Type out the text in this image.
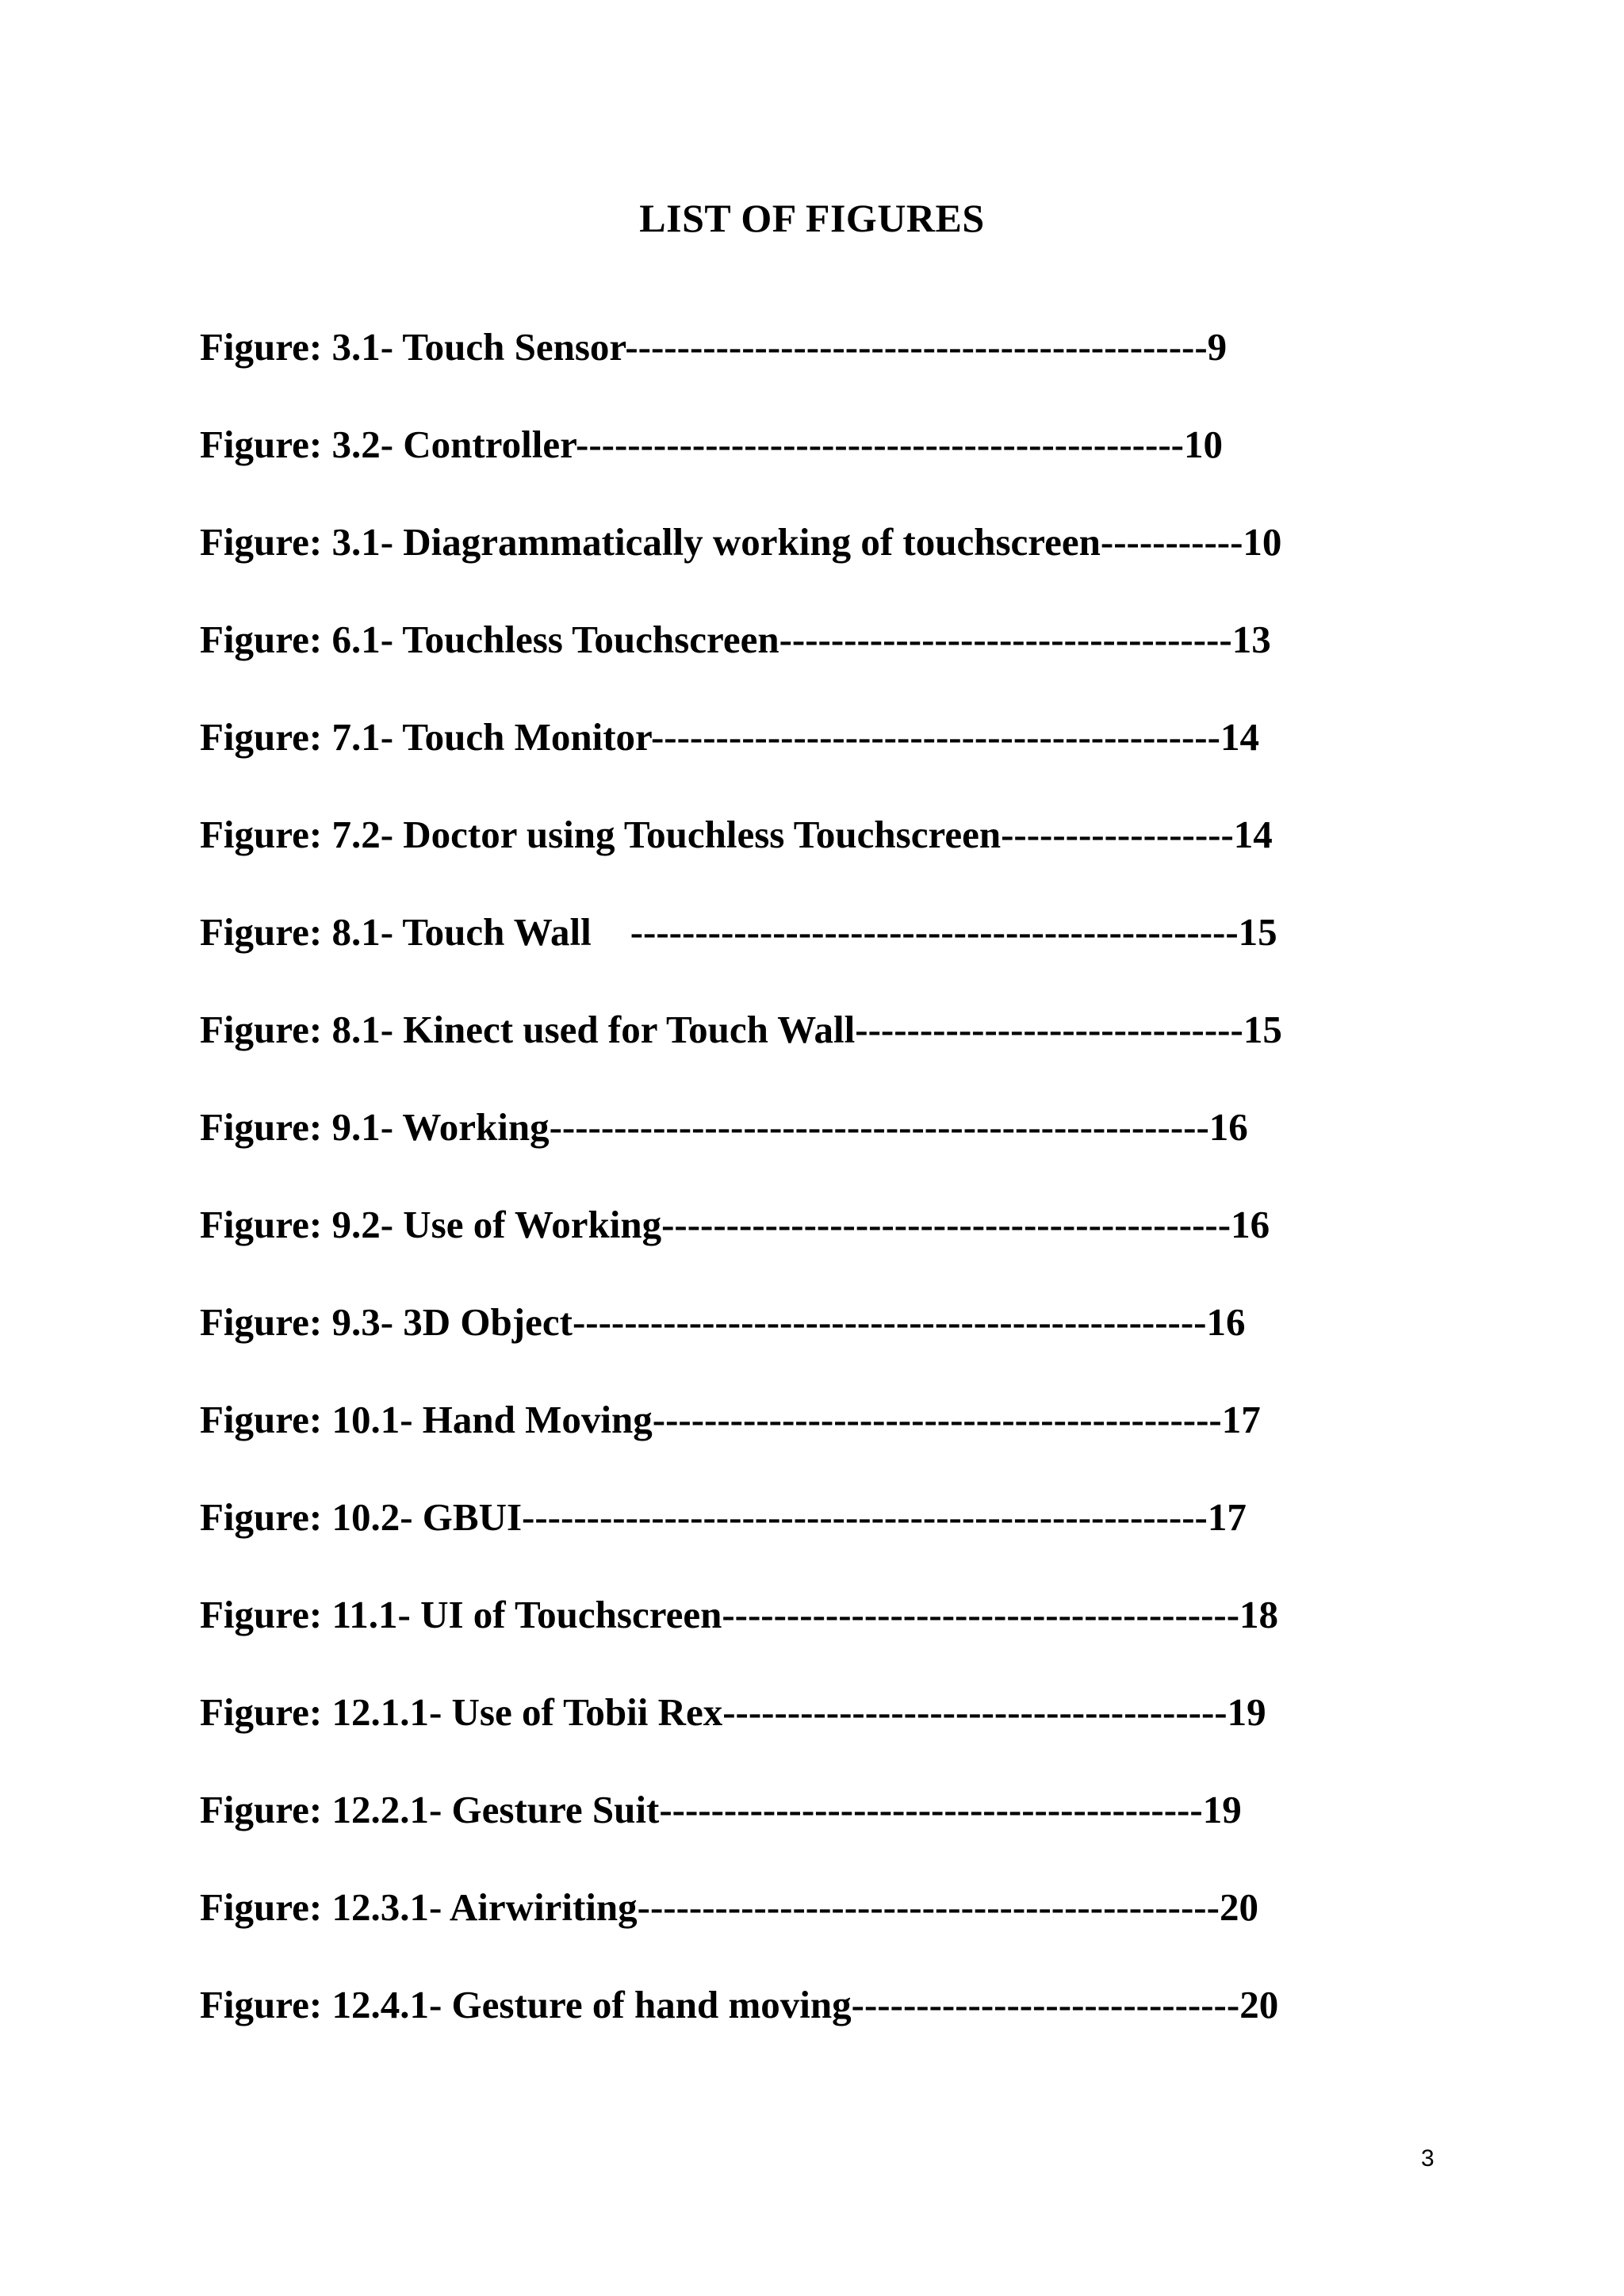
LIST OF FIGURES
Figure: 3.1- Touch Sensor---------------------------------------------9
Figure: 3.2- Controller-----------------------------------------------10
Figure: 3.1- Diagrammatically working of touchscreen-----------10
Figure: 6.1- Touchless Touchscreen-----------------------------------13
Figure: 7.1- Touch Monitor--------------------------------------------14
Figure: 7.2- Doctor using Touchless Touchscreen------------------14
Figure: 8.1- Touch Wall    -----------------------------------------------15
Figure: 8.1- Kinect used for Touch Wall------------------------------15
Figure: 9.1- Working---------------------------------------------------16
Figure: 9.2- Use of Working--------------------------------------------16
Figure: 9.3- 3D Object-------------------------------------------------16
Figure: 10.1- Hand Moving--------------------------------------------17
Figure: 10.2- GBUI-----------------------------------------------------17
Figure: 11.1- UI of Touchscreen----------------------------------------18
Figure: 12.1.1- Use of Tobii Rex---------------------------------------19
Figure: 12.2.1- Gesture Suit------------------------------------------19
Figure: 12.3.1- Airwiriting---------------------------------------------20
Figure: 12.4.1- Gesture of hand moving------------------------------20
3
